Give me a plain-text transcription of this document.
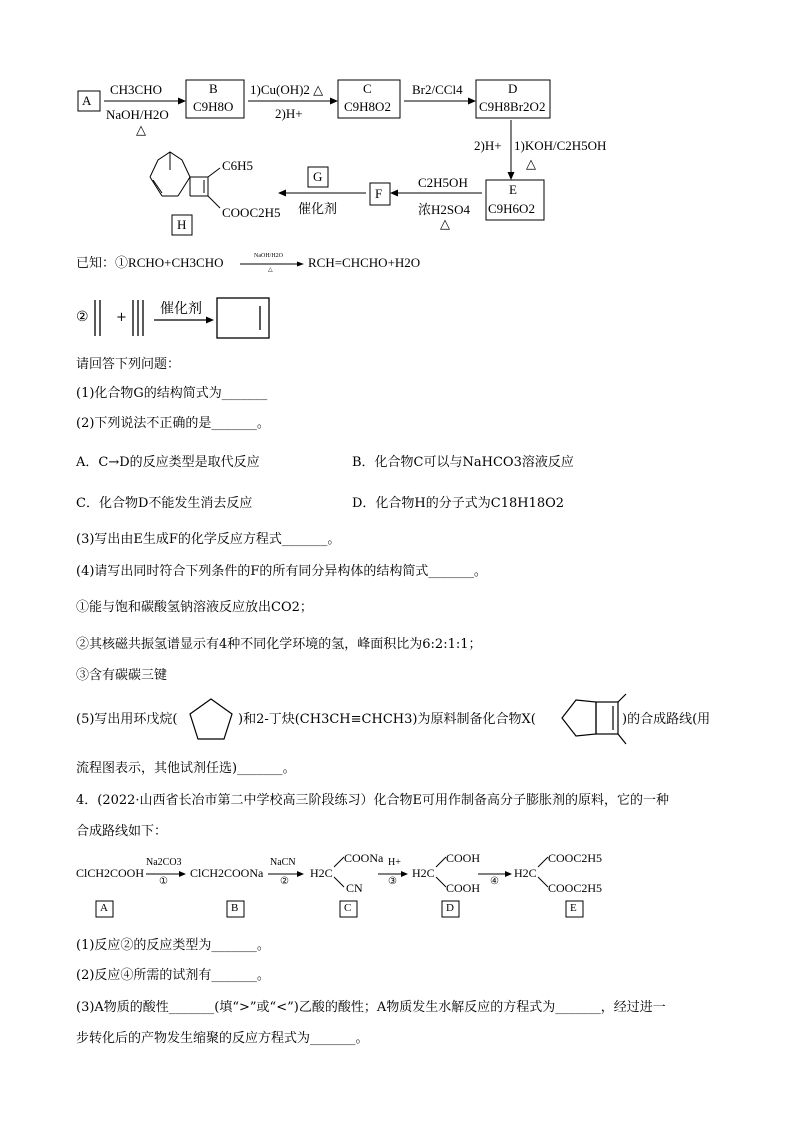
A
CH3CHO
NaOH/H2O
△
B
C9H8O
1)Cu(OH)2 △
2)H+
C
C9H8O2
Br2/CCl4	D
C9H8Br2O2
2)H+ 1)KOH/C2H5OH
△
E
C9H6O2
C2H5OH
浓H2SO4
△
F
G
催化剂
H
C6H5
COOC2H5
已知：①RCHO+CH3CHO	NaOH/H2O
△	RCH=CHCHO+H2O
② +
催化剂
请回答下列问题：
(1)化合物G的结构简式为_______
(2)下列说法不正确的是_______。
A．C→D的反应类型是取代反应	B．化合物C可以与NaHCO3溶液反应
C．化合物D不能发生消去反应	D．化合物H的分子式为C18H18O2
(3)写出由E生成F的化学反应方程式_______。
(4)请写出同时符合下列条件的F的所有同分异构体的结构简式_______。
①能与饱和碳酸氢钠溶液反应放出CO2；
②其核磁共振氢谱显示有4种不同化学环境的氢，峰面积比为6:2:1:1；
③含有碳碳三键
(5)写出用环戊烷(	)和2-丁炔(CH3CH≡CHCH3)为原料制备化合物X(	)的合成路线(用
流程图表示，其他试剂任选)_______。
4．(2022·山西省长冶市第二中学校高三阶段练习）化合物E可用作制备高分子膨胀剂的原料，它的一种
合成路线如下：
ClCH2COOH
Na2CO3
①
ClCH2COONa
NaCN
②
COONa
H2C
CN
H+
③
COOH
H2C
COOH ④
COOC2H5
H2C
COOC2H5
A	B	C	D	E
(1)反应②的反应类型为_______。
(2)反应④所需的试剂有_______。
(3)A物质的酸性_______(填“>”或“<”)乙酸的酸性；A物质发生水解反应的方程式为_______，经过进一
步转化后的产物发生缩聚的反应方程式为_______。
